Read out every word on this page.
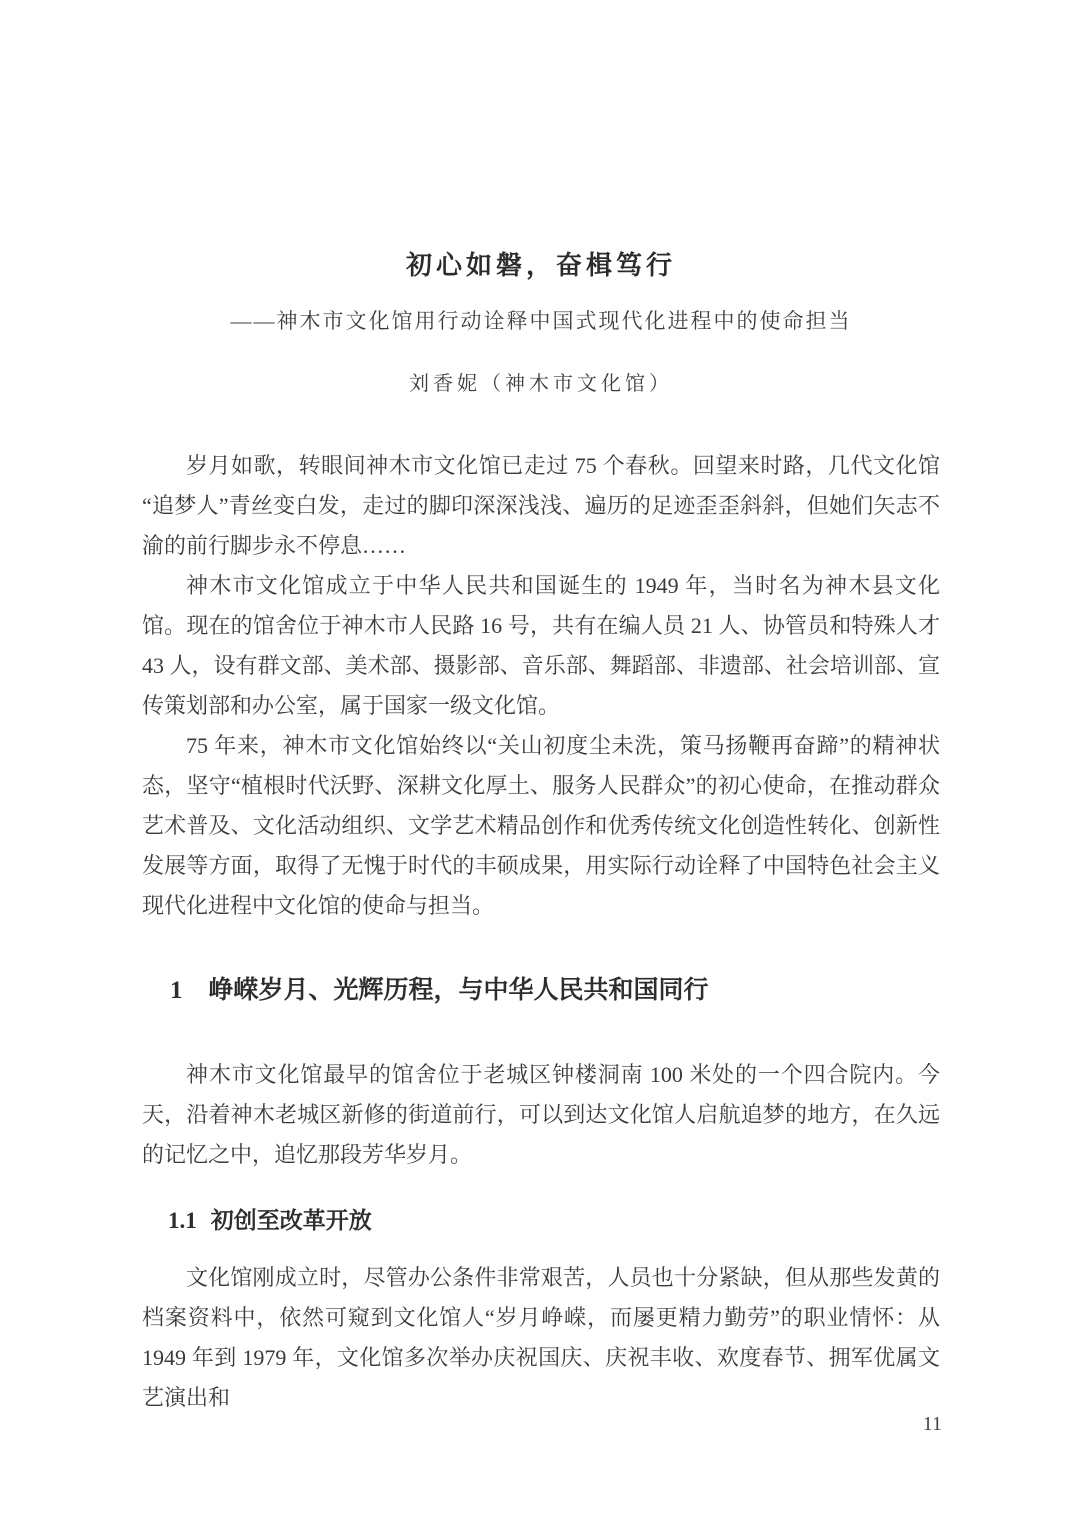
初心如磐，奋楫笃行

——神木市文化馆用行动诠释中国式现代化进程中的使命担当

刘香妮（神木市文化馆）

岁月如歌，转眼间神木市文化馆已走过 75 个春秋。回望来时路，几代文化馆“追梦人”青丝变白发，走过的脚印深深浅浅、遍历的足迹歪歪斜斜，但她们矢志不渝的前行脚步永不停息……

神木市文化馆成立于中华人民共和国诞生的 1949 年，当时名为神木县文化馆。现在的馆舍位于神木市人民路 16 号，共有在编人员 21 人、协管员和特殊人才 43 人，设有群文部、美术部、摄影部、音乐部、舞蹈部、非遗部、社会培训部、宣传策划部和办公室，属于国家一级文化馆。

75 年来，神木市文化馆始终以“关山初度尘未洗，策马扬鞭再奋蹄”的精神状态，坚守“植根时代沃野、深耕文化厚土、服务人民群众”的初心使命，在推动群众艺术普及、文化活动组织、文学艺术精品创作和优秀传统文化创造性转化、创新性发展等方面，取得了无愧于时代的丰硕成果，用实际行动诠释了中国特色社会主义现代化进程中文化馆的使命与担当。

1 峥嵘岁月、光辉历程，与中华人民共和国同行

神木市文化馆最早的馆舍位于老城区钟楼洞南 100 米处的一个四合院内。今天，沿着神木老城区新修的街道前行，可以到达文化馆人启航追梦的地方，在久远的记忆之中，追忆那段芳华岁月。

1.1 初创至改革开放

文化馆刚成立时，尽管办公条件非常艰苦，人员也十分紧缺，但从那些发黄的档案资料中，依然可窥到文化馆人“岁月峥嵘，而屡更精力勤劳”的职业情怀：从 1949 年到 1979 年，文化馆多次举办庆祝国庆、庆祝丰收、欢度春节、拥军优属文艺演出和

11
